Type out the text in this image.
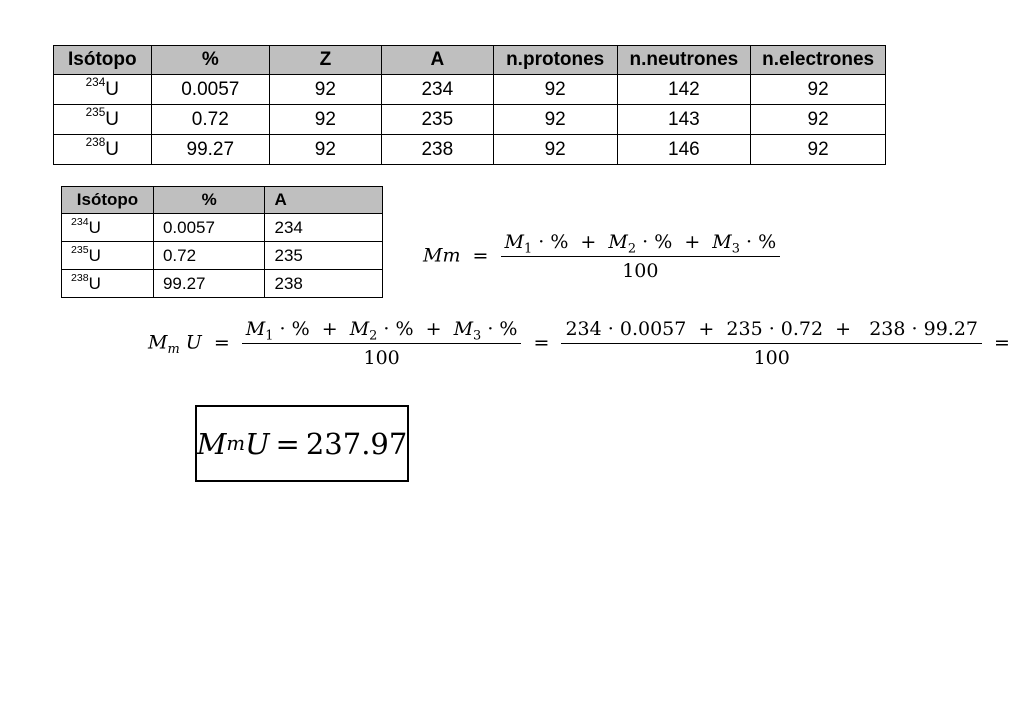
Isótopo	%	Z	A	n.protones	n.neutrones	n.electrones
$^{234}$U	0.0057	92	234	92	142	92
$^{235}$U	0.72	92	235	92	143	92
$^{238}$U	99.27	92	238	92	146	92
Isótopo	%	A
$^{234}$U	0.0057	234
$^{235}$U	0.72	235
$^{238}$U	99.27	238
$Mm = \frac{M_1 \cdot \% + M_2 \cdot \% + M_3 \cdot \%}{100}$
$M_m$ $U = \frac{M_1 \cdot \% + M_2 \cdot \% + M_3 \cdot \%}{100} = \frac{234 \cdot 0.0057 + 235 \cdot 0.72 + 238 \cdot 99.27}{100}$ =
M m U = 237.97
